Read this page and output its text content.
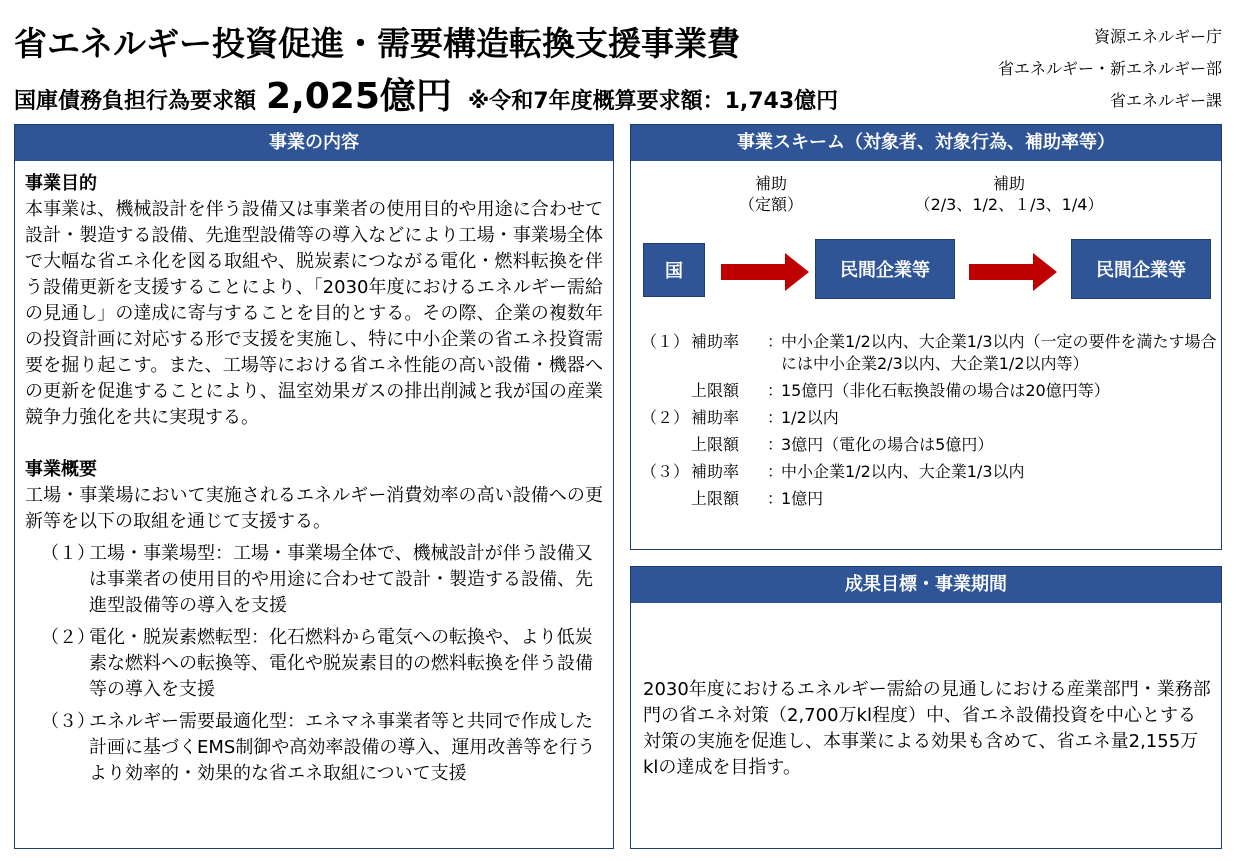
省エネルギー投資促進・需要構造転換支援事業費
国庫債務負担行為要求額 2,025億円 ※令和7年度概算要求額：1,743億円
資源エネルギー庁
省エネルギー・新エネルギー部
省エネルギー課
事業の内容
事業目的
本事業は、機械設計を伴う設備又は事業者の使用目的や用途に合わせて設計・製造する設備、先進型設備等の導入などにより工場・事業場全体で大幅な省エネ化を図る取組や、脱炭素につながる電化・燃料転換を伴う設備更新を支援することにより、「2030年度におけるエネルギー需給の見通し」の達成に寄与することを目的とする。その際、企業の複数年の投資計画に対応する形で支援を実施し、特に中小企業の省エネ投資需要を掘り起こす。また、工場等における省エネ性能の高い設備・機器への更新を促進することにより、温室効果ガスの排出削減と我が国の産業競争力強化を共に実現する。
事業概要
工場・事業場において実施されるエネルギー消費効率の高い設備への更新等を以下の取組を通じて支援する。
（１）
工場・事業場型：工場・事業場全体で、機械設計が伴う設備又は事業者の使用目的や用途に合わせて設計・製造する設備、先進型設備等の導入を支援
（２）
電化・脱炭素燃転型：化石燃料から電気への転換や、より低炭素な燃料への転換等、電化や脱炭素目的の燃料転換を伴う設備等の導入を支援
（３）
エネルギー需要最適化型：エネマネ事業者等と共同で作成した計画に基づくEMS制御や高効率設備の導入、運用改善等を行うより効率的・効果的な省エネ取組について支援
事業スキーム（対象者、対象行為、補助率等）
補助
（定額）
補助
（2/3、1/2、１/3、1/4）
国	民間企業等	民間企業等
（１） 補助率	：
中小企業1/2以内、大企業1/3以内（一定の要件を満たす場合には中小企業2/3以内、大企業1/2以内等）
上限額	：
15億円（非化石転換設備の場合は20億円等）
（２） 補助率	：
1/2以内
上限額	：
3億円（電化の場合は5億円）
（３） 補助率	：
中小企業1/2以内、大企業1/3以内
上限額	：
1億円
成果目標・事業期間
2030年度におけるエネルギー需給の見通しにおける産業部門・業務部門の省エネ対策（2,700万kl程度）中、省エネ設備投資を中心とする対策の実施を促進し、本事業による効果も含めて、省エネ量2,155万klの達成を目指す。
